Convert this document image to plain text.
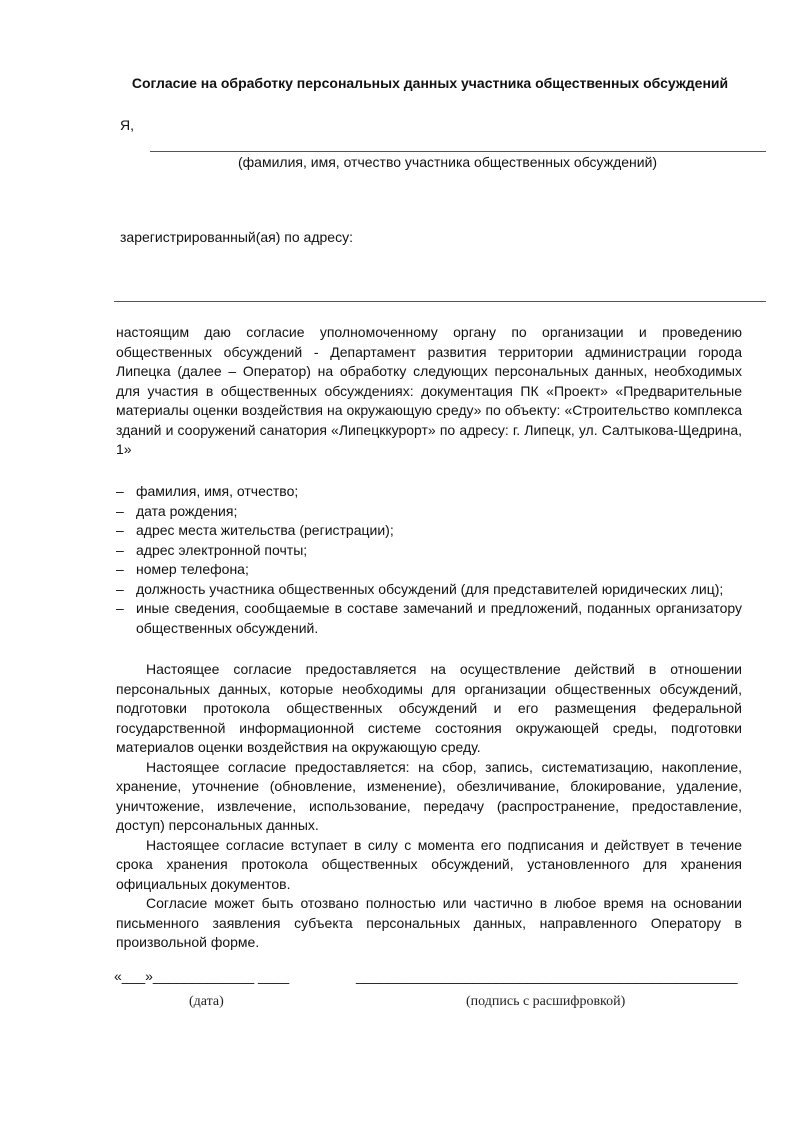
Согласие на обработку персональных данных участника общественных обсуждений
Я,
(фамилия, имя, отчество участника общественных обсуждений)
зарегистрированный(ая) по адресу:
настоящим даю согласие уполномоченному органу по организации и проведению общественных обсуждений - Департамент развития территории администрации города Липецка (далее – Оператор) на обработку следующих персональных данных, необходимых для участия в общественных обсуждениях: документация ПК «Проект» «Предварительные материалы оценки воздействия на окружающую среду» по объекту: «Строительство комплекса зданий и сооружений санатория «Липецккурорт» по адресу: г. Липецк, ул. Салтыкова-Щедрина, 1»
– фамилия, имя, отчество;
– дата рождения;
– адрес места жительства (регистрации);
– адрес электронной почты;
– номер телефона;
– должность участника общественных обсуждений (для представителей юридических лиц);
– иные сведения, сообщаемые в составе замечаний и предложений, поданных организатору общественных обсуждений.

Настоящее согласие предоставляется на осуществление действий в отношении персональных данных, которые необходимы для организации общественных обсуждений, подготовки протокола общественных обсуждений и его размещения федеральной государственной информационной системе состояния окружающей среды, подготовки материалов оценки воздействия на окружающую среду.

Настоящее согласие предоставляется: на сбор, запись, систематизацию, накопление, хранение, уточнение (обновление, изменение), обезличивание, блокирование, удаление, уничтожение, извлечение, использование, передачу (распространение, предоставление, доступ) персональных данных.

Настоящее согласие вступает в силу с момента его подписания и действует в течение срока хранения протокола общественных обсуждений, установленного для хранения официальных документов.

Согласие может быть отозвано полностью или частично в любое время на основании письменного заявления субъекта персональных данных, направленного Оператору в произвольной форме.

«___»_____________ ____	_________________________________________________
(дата)	(подпись с расшифровкой)
